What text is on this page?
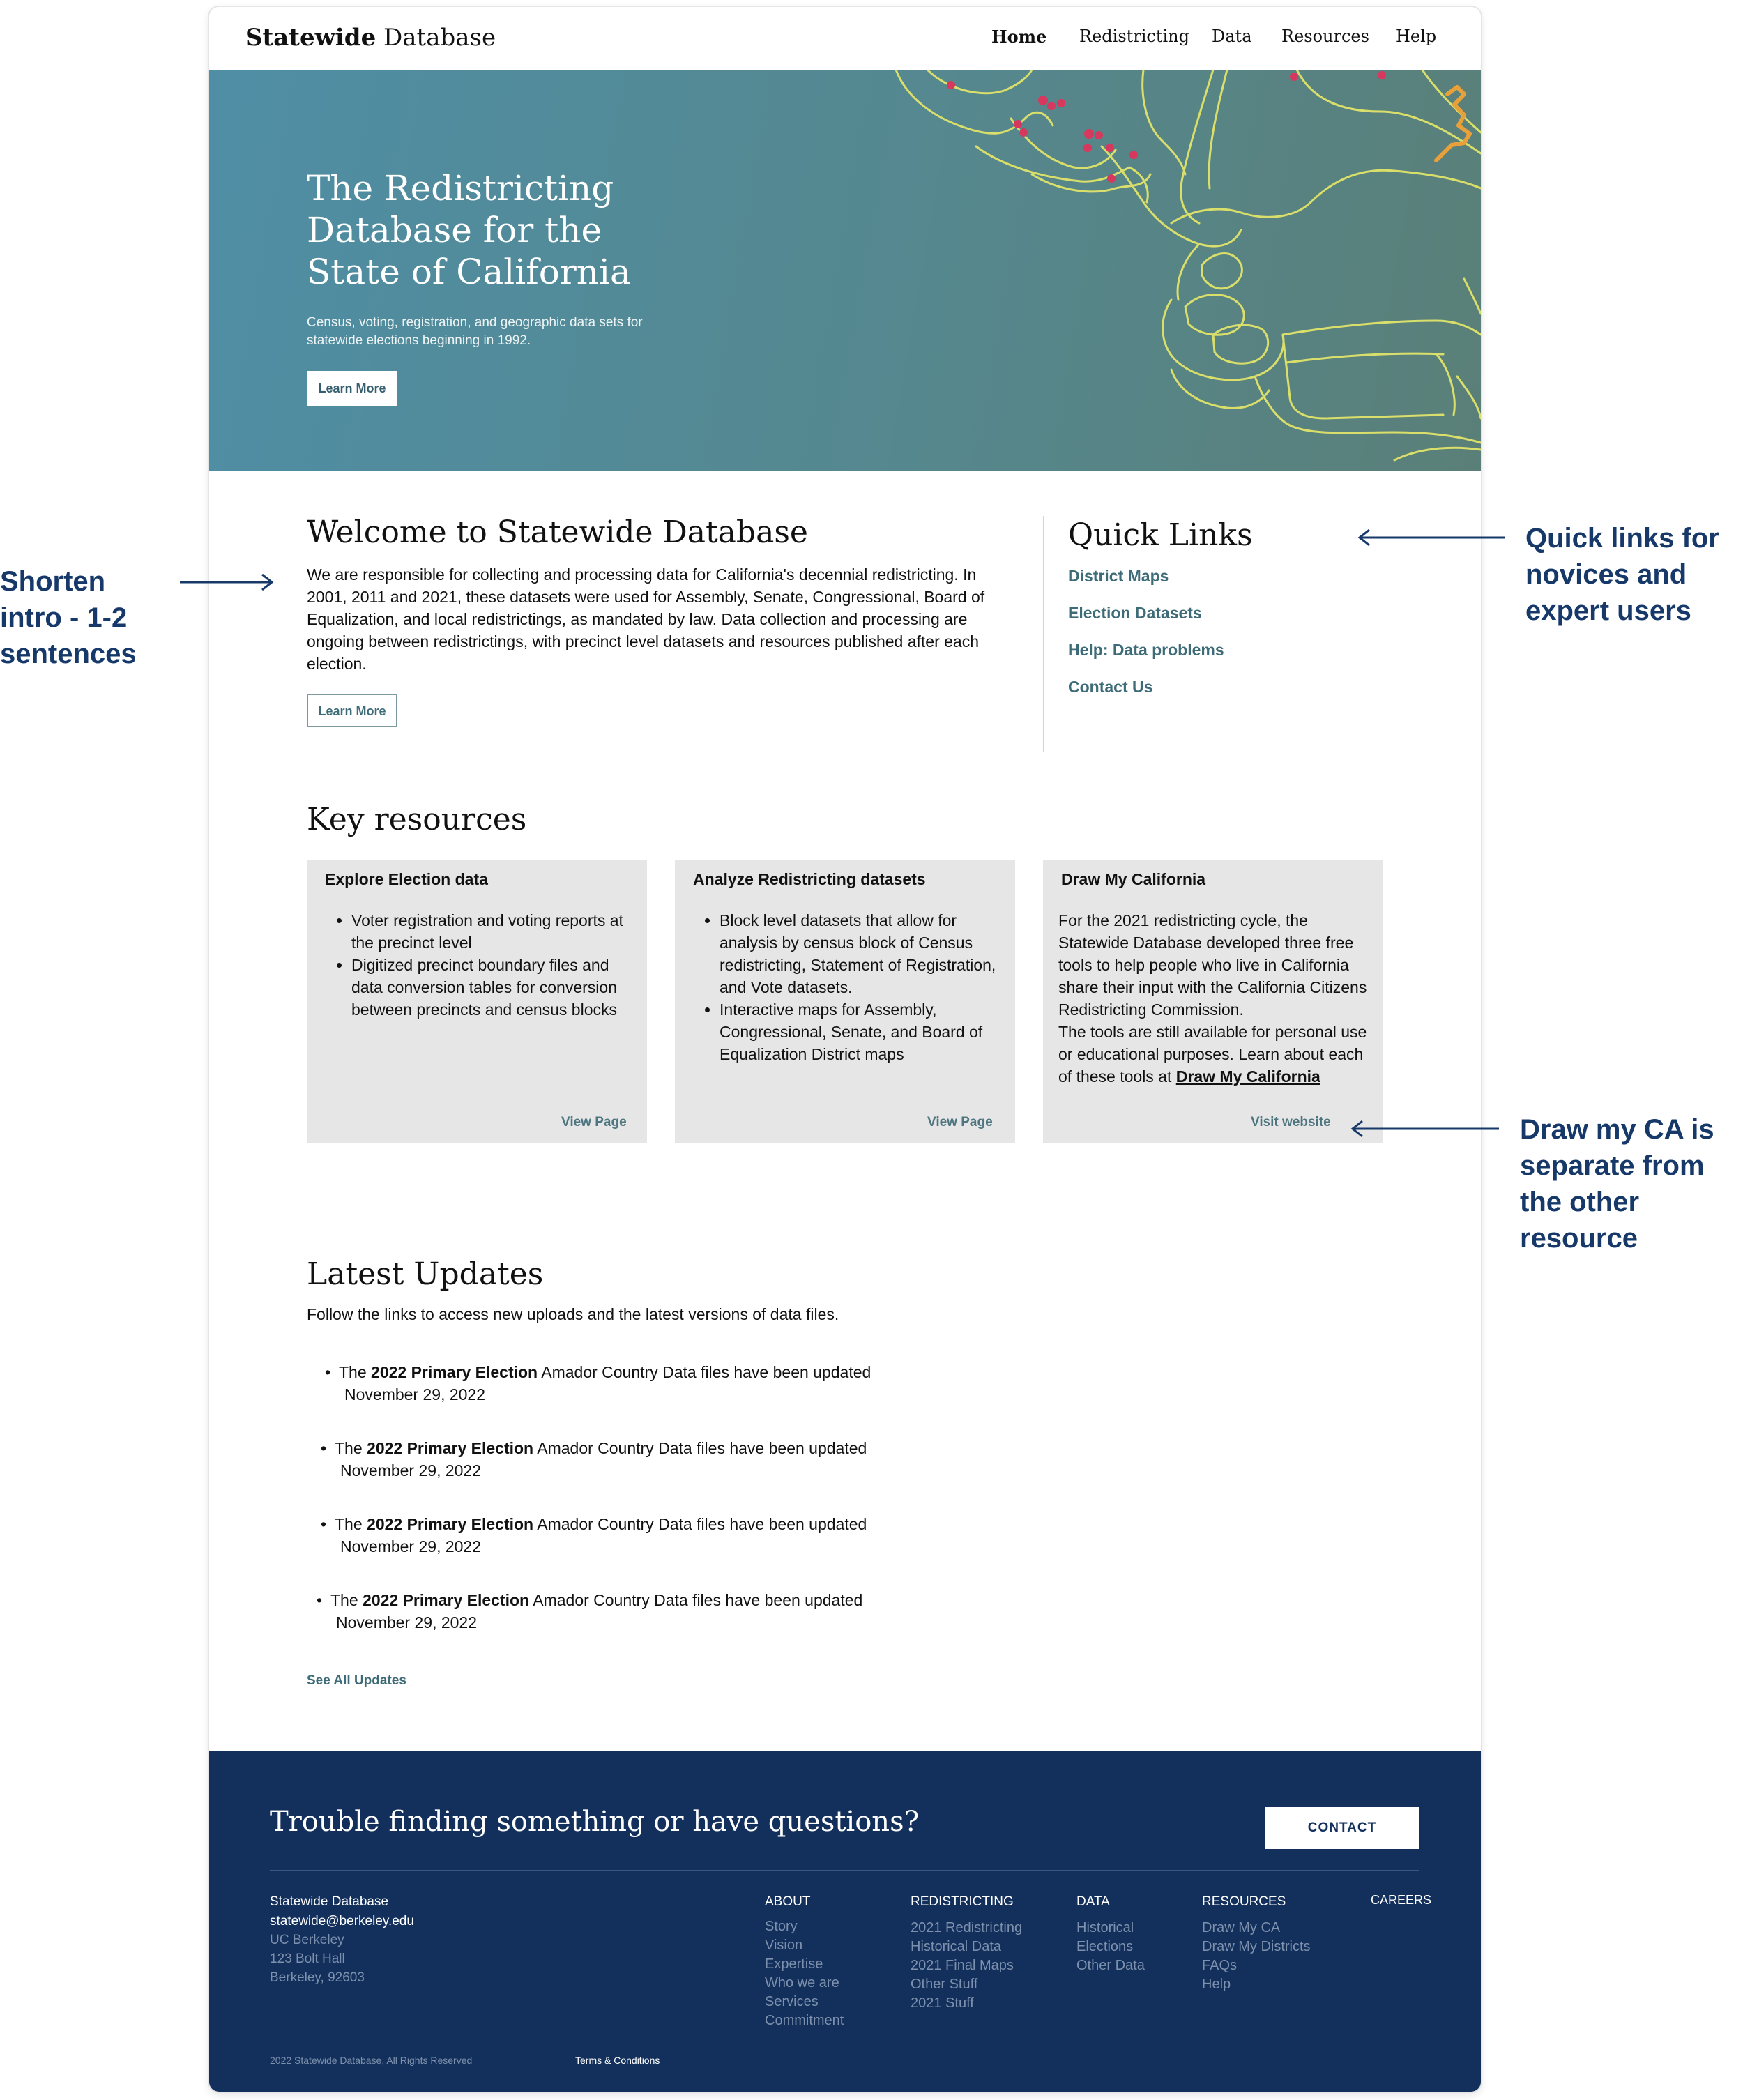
Statewide Database	Home Redistricting Data Resources Help
The Redistricting Database for the State of California
Census, voting, registration, and geographic data sets for statewide elections beginning in 1992.
Learn More
Welcome to Statewide Database
We are responsible for collecting and processing data for California's decennial redistricting. In 2001, 2011 and 2021, these datasets were used for Assembly, Senate, Congressional, Board of Equalization, and local redistrictings, as mandated by law. Data collection and processing are ongoing between redistrictings, with precinct level datasets and resources published after each election.
Learn More
Quick Links
District Maps
Election Datasets
Help: Data problems
Contact Us
Key resources
Explore Election data
• Voter registration and voting reports at the precinct level
• Digitized precinct boundary files and data conversion tables for conversion between precincts and census blocks
View Page
Analyze Redistricting datasets
• Block level datasets that allow for analysis by census block of Census redistricting, Statement of Registration, and Vote datasets.
• Interactive maps for Assembly, Congressional, Senate, and Board of Equalization District maps
View Page
Draw My California
For the 2021 redistricting cycle, the Statewide Database developed three free tools to help people who live in California share their input with the California Citizens Redistricting Commission.
The tools are still available for personal use or educational purposes. Learn about each of these tools at Draw My California
Visit website
Latest Updates
Follow the links to access new uploads and the latest versions of data files.
• The 2022 Primary Election Amador Country Data files have been updated
November 29, 2022
• The 2022 Primary Election Amador Country Data files have been updated
November 29, 2022
• The 2022 Primary Election Amador Country Data files have been updated
November 29, 2022
• The 2022 Primary Election Amador Country Data files have been updated
November 29, 2022
See All Updates
Trouble finding something or have questions?	CONTACT
Statewide Database
statewide@berkeley.edu
UC Berkeley
123 Bolt Hall
Berkeley, 92603
ABOUT
Story
Vision
Expertise
Who we are
Services
Commitment
REDISTRICTING
2021 Redistricting
Historical Data
2021 Final Maps
Other Stuff
2021 Stuff
DATA
Historical
Elections
Other Data
RESOURCES
Draw My CA
Draw My Districts
FAQs
Help
CAREERS
2022 Statewide Database, All Rights Reserved	Terms & Conditions
Shorten intro - 1-2 sentences
Quick links for novices and expert users
Draw my CA is separate from the other resource
